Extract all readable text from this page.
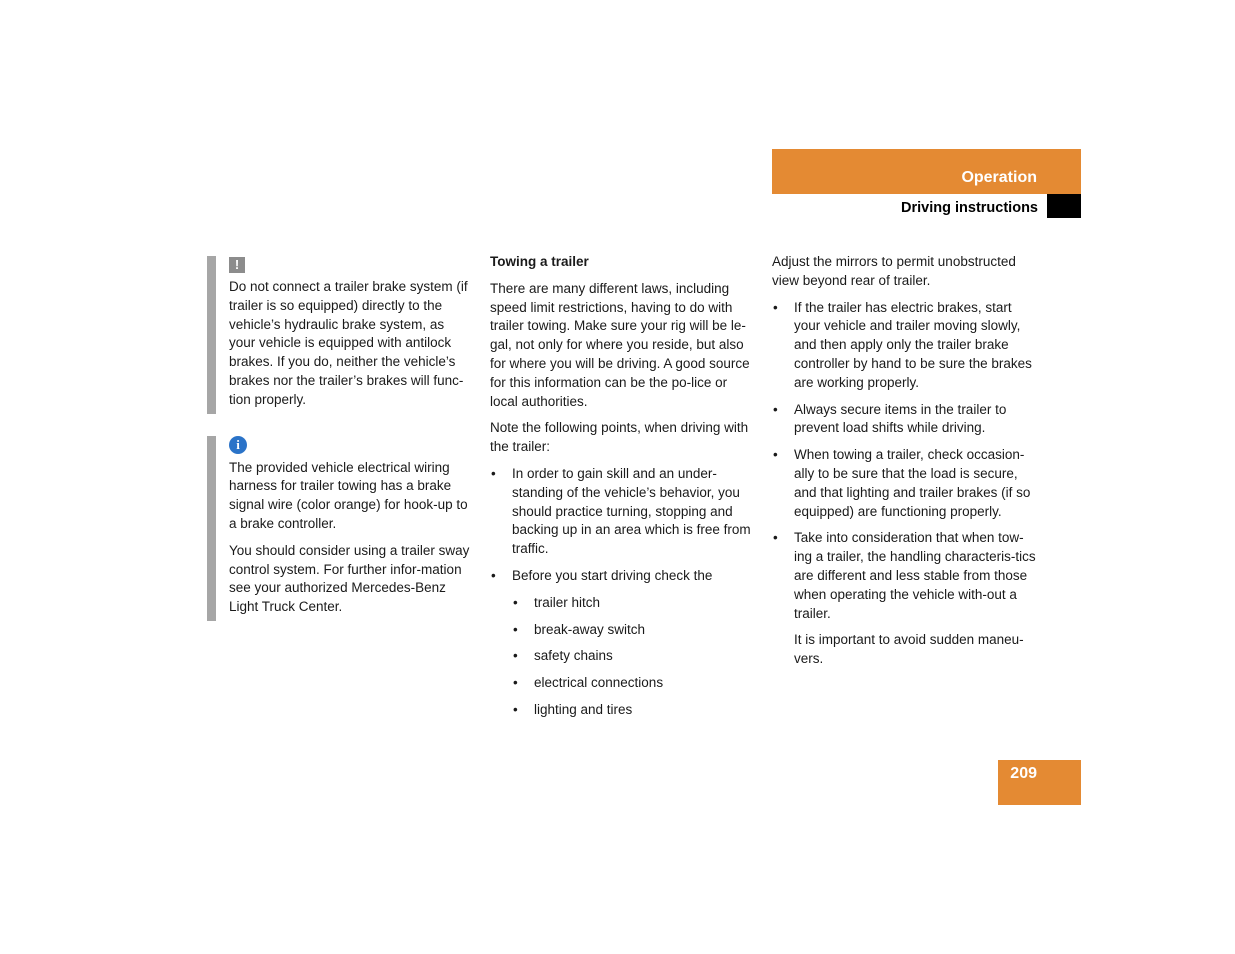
Operation
Driving instructions
!

Do not connect a trailer brake system (if trailer is so equipped) directly to the vehicle’s hydraulic brake system, as your vehicle is equipped with antilock brakes. If you do, neither the vehicle’s brakes nor the trailer’s brakes will func-tion properly.

i

The provided vehicle electrical wiring harness for trailer towing has a brake signal wire (color orange) for hook-up to a brake controller.

You should consider using a trailer sway control system. For further infor-mation see your authorized Mercedes-Benz Light Truck Center.

Towing a trailer

There are many different laws, including speed limit restrictions, having to do with trailer towing. Make sure your rig will be le-gal, not only for where you reside, but also for where you will be driving. A good source for this information can be the po-lice or local authorities.

Note the following points, when driving with the trailer:

• In order to gain skill and an under-standing of the vehicle’s behavior, you should practice turning, stopping and backing up in an area which is free from traffic.
• Before you start driving check the
• trailer hitch
• break-away switch
• safety chains
• electrical connections
• lighting and tires

Adjust the mirrors to permit unobstructed view beyond rear of trailer.

• If the trailer has electric brakes, start your vehicle and trailer moving slowly, and then apply only the trailer brake controller by hand to be sure the brakes are working properly.
• Always secure items in the trailer to prevent load shifts while driving.
• When towing a trailer, check occasion-ally to be sure that the load is secure, and that lighting and trailer brakes (if so equipped) are functioning properly.
• Take into consideration that when tow-ing a trailer, the handling characteris-tics are different and less stable from those when operating the vehicle with-out a trailer.

It is important to avoid sudden maneu-vers.

209
